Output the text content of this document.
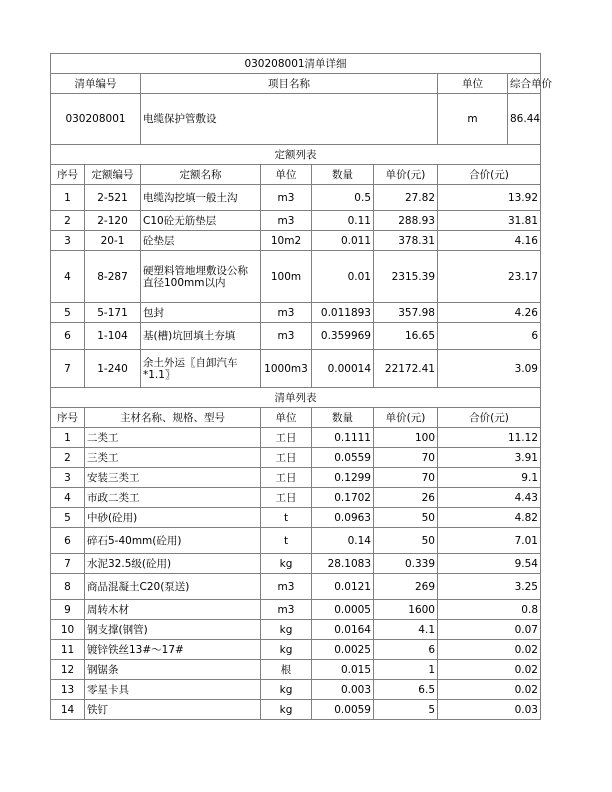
030208001清单详细							
清单编号		项目名称				单位	综合单价
030208001		电缆保护管敷设				m	86.44
定额列表							
序号	定额编号	定额名称	单位	数量	单价(元)	合价(元)	
1	2-521	电缆沟挖填一般土沟	m3	0.5	27.82	13.92	
2	2-120	C10砼无筋垫层	m3	0.11	288.93	31.81	
3	20-1	砼垫层	10m2	0.011	378.31	4.16	
4	8-287	硬塑料管地埋敷设公称直径100mm以内	100m	0.01	2315.39	23.17	
5	5-171	包封	m3	0.011893	357.98	4.26	
6	1-104	基(槽)坑回填土夯填	m3	0.359969	16.65	6	
7	1-240	余土外运〖自卸汽车*1.1〗	1000m3	0.00014	22172.41	3.09	
清单列表							
序号	主材名称、规格、型号		单位	数量	单价(元)	合价(元)	
1	二类工		工日	0.1111	100	11.12	
2	三类工		工日	0.0559	70	3.91	
3	安装三类工		工日	0.1299	70	9.1	
4	市政二类工		工日	0.1702	26	4.43	
5	中砂(砼用)		t	0.0963	50	4.82	
6	碎石5-40mm(砼用)		t	0.14	50	7.01	
7	水泥32.5级(砼用)		kg	28.1083	0.339	9.54	
8	商品混凝土C20(泵送)		m3	0.0121	269	3.25	
9	周转木材		m3	0.0005	1600	0.8	
10	钢支撑(钢管)		kg	0.0164	4.1	0.07	
11	镀锌铁丝13#～17#		kg	0.0025	6	0.02	
12	钢锯条		根	0.015	1	0.02	
13	零星卡具		kg	0.003	6.5	0.02	
14	铁钉		kg	0.0059	5	0.03	
